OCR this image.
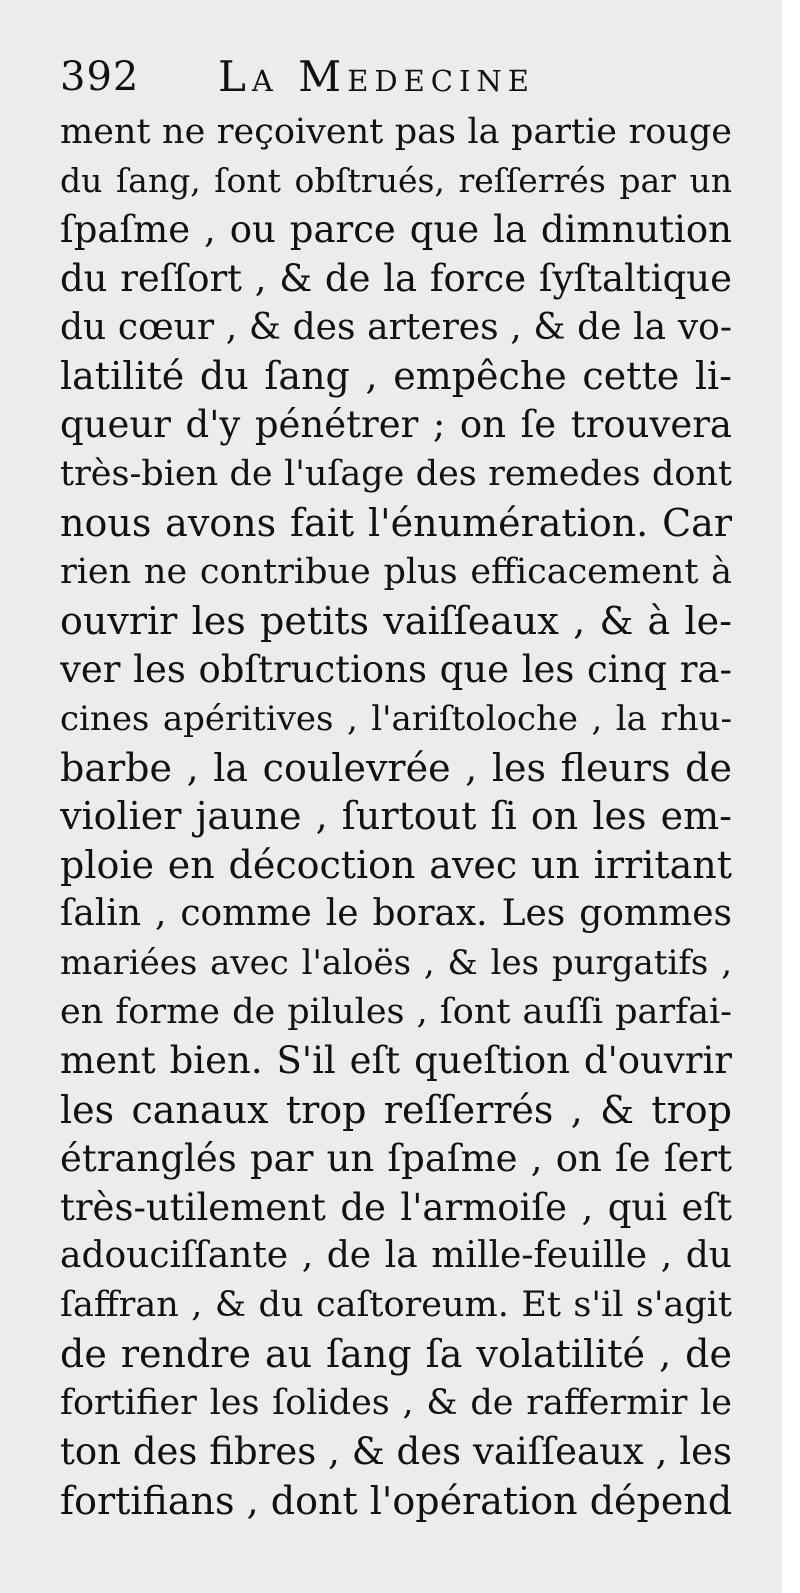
392 La Medecine
ment ne reçoivent pas la partie rouge
du ſang, ſont obſtrués, reſſerrés par un
ſpaſme , ou parce que la dimnution
du reſſort , & de la force ſyſtaltique
du cœur , & des arteres , & de la vo-
latilité du ſang , empêche cette li-
queur d'y pénétrer ; on ſe trouvera
très-bien de l'uſage des remedes dont
nous avons fait l'énumération. Car
rien ne contribue plus efficacement à
ouvrir les petits vaiſſeaux , & à le-
ver les obſtructions que les cinq ra-
cines apéritives , l'ariſtoloche , la rhu-
barbe , la coulevrée , les fleurs de
violier jaune , ſurtout ſi on les em-
ploie en décoction avec un irritant
ſalin , comme le borax. Les gommes
mariées avec l'aloës , & les purgatifs ,
en forme de pilules , ſont auſſi parfai-
ment bien. S'il eſt queſtion d'ouvrir
les canaux trop reſſerrés , & trop
étranglés par un ſpaſme , on ſe ſert
très-utilement de l'armoiſe , qui eſt
adouciſſante , de la mille-feuille , du
ſaffran , & du caſtoreum. Et s'il s'agit
de rendre au ſang ſa volatilité , de
fortifier les ſolides , & de raffermir le
ton des fibres , & des vaiſſeaux , les
fortifians , dont l'opération dépend
